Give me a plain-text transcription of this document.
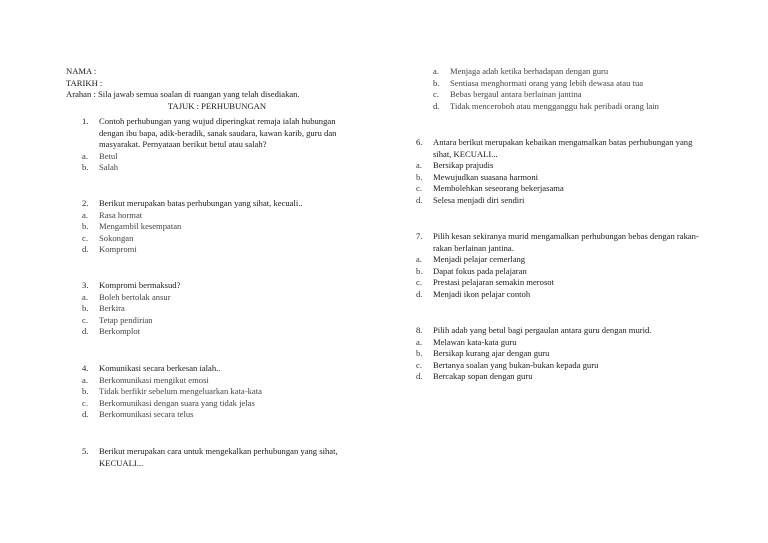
NAMA :
TARIKH :
Arahan : Sila jawab semua soalan di ruangan yang telah disediakan.
TAJUK : PERHUBUNGAN
1. Contoh perhubungan yang wujud diperingkat remaja ialah hubungan dengan ibu bapa, adik-beradik, sanak saudara, kawan karib, guru dan masyarakat. Pernyataan berikut betul atau salah?
a. Betul
b. Salah
2. Berikut merupakan batas perhubungan yang sihat, kecuali..
a. Rasa hormat
b. Mengambil kesempatan
c. Sokongan
d. Kompromi
3. Kompromi bermaksud?
a. Boleh bertolak ansur
b. Berkira
c. Tetap pendirian
d. Berkomplot
4. Komunikasi secara berkesan ialah..
a. Berkomunikasi mengikut emosi
b. Tidak berfikir sebelum mengeluarkan kata-kata
c. Berkomunikasi dengan suara yang tidak jelas
d. Berkomunikasi secara telus
5. Berikut merupakan cara untuk mengekalkan perhubungan yang sihat, KECUALI...
a. Menjaga adab ketika berhadapan dengan guru
b. Sentiasa menghormati orang yang lebih dewasa atau tua
c. Bebas bergaul antara berlainan jantina
d. Tidak menceroboh atau mengganggu hak peribadi orang lain
6. Antara berikut merupakan kebaikan mengamalkan batas perhubungan yang sihat, KECUALI...
a. Bersikap prajudis
b. Mewujudkan suasana harmoni
c. Membolehkan seseorang bekerjasama
d. Selesa menjadi diri sendiri
7. Pilih kesan sekiranya murid mengamalkan perhubungan bebas dengan rakan-rakan berlainan jantina.
a. Menjadi pelajar cemerlang
b. Dapat fokus pada pelajaran
c. Prestasi pelajaran semakin merosot
d. Menjadi ikon pelajar contoh
8. Pilih adab yang betul bagi pergaulan antara guru dengan murid.
a. Melawan kata-kata guru
b. Bersikap kurang ajar dengan guru
c. Bertanya soalan yang bukan-bukan kepada guru
d. Bercakap sopan dengan guru
